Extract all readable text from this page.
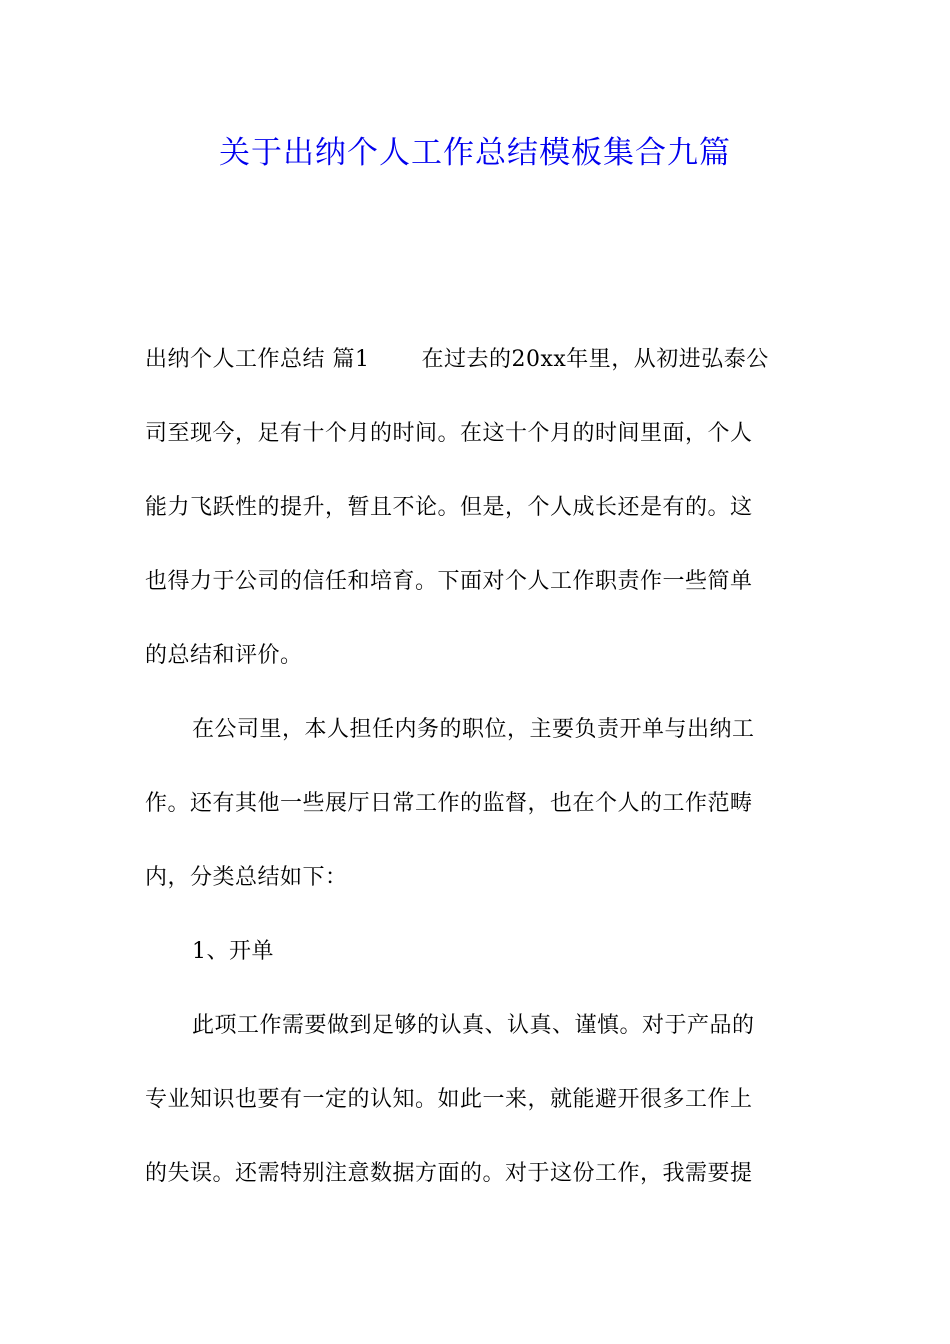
关于出纳个人工作总结模板集合九篇
出纳个人工作总结 篇1 在过去的20xx年里，从初进弘泰公
司至现今，足有十个月的时间。在这十个月的时间里面，个人
能力飞跃性的提升，暂且不论。但是，个人成长还是有的。这
也得力于公司的信任和培育。下面对个人工作职责作一些简单
的总结和评价。
在公司里，本人担任内务的职位，主要负责开单与出纳工
作。还有其他一些展厅日常工作的监督，也在个人的工作范畴
内，分类总结如下：
1、开单
此项工作需要做到足够的认真、认真、谨慎。对于产品的
专业知识也要有一定的认知。如此一来，就能避开很多工作上
的失误。还需特别注意数据方面的。对于这份工作，我需要提
